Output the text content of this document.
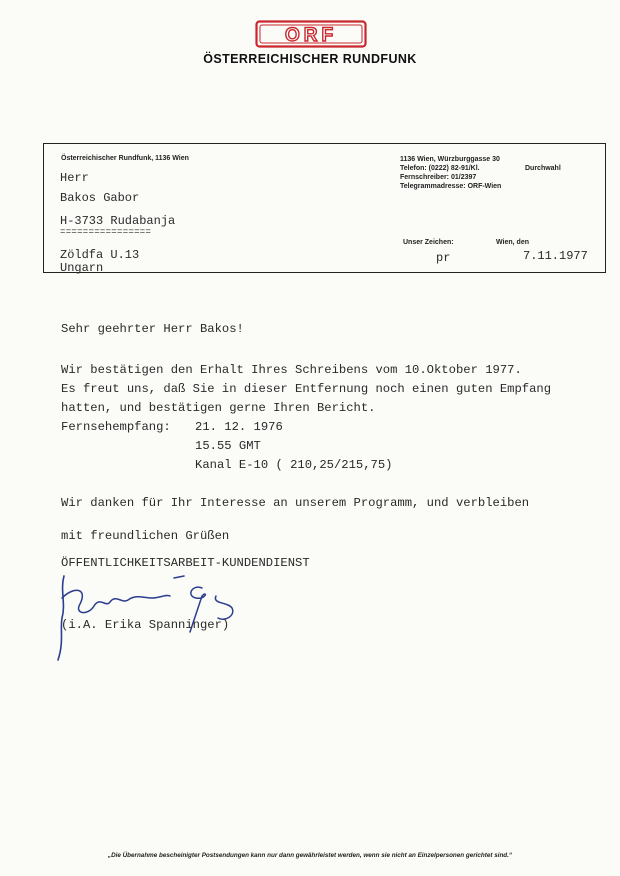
ORF
ÖSTERREICHISCHER RUNDFUNK
Österreichischer Rundfunk, 1136 Wien
Herr
Bakos Gabor
H-3733 Rudabanja
================
Zöldfa U.13
Ungarn
1136 Wien, Würzburggasse 30
Telefon: (0222) 82-91/Kl.
Fernschreiber: 01/2397
Telegrammadresse: ORF-Wien
Durchwahl
Unser Zeichen:	Wien, den
pr	7.11.1977
Sehr geehrter Herr Bakos!
Wir bestätigen den Erhalt Ihres Schreibens vom 10.Oktober 1977.
Es freut uns, daß Sie in dieser Entfernung noch einen guten Empfang
hatten, und bestätigen gerne Ihren Bericht.
Fernsehempfang: 21. 12. 1976
15.55 GMT
Kanal E-10 ( 210,25/215,75)
Wir danken für Ihr Interesse an unserem Programm, und verbleiben
mit freundlichen Grüßen
ÖFFENTLICHKEITSARBEIT-KUNDENDIENST
(i.A. Erika Spanninger)
„Die Übernahme bescheinigter Postsendungen kann nur dann gewährleistet werden, wenn sie nicht an Einzelpersonen gerichtet sind.“
